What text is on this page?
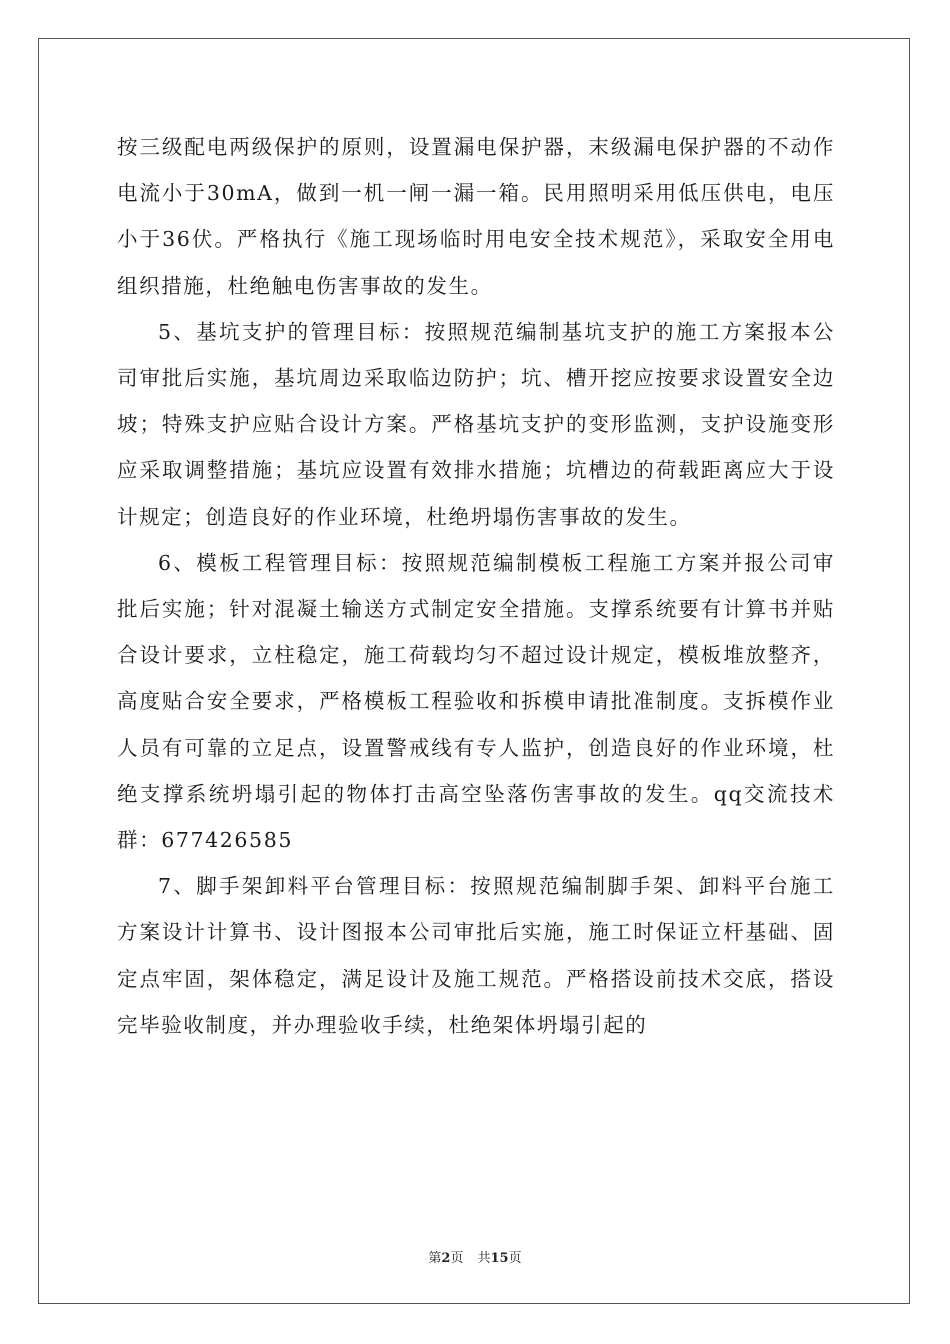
按三级配电两级保护的原则，设置漏电保护器，末级漏电保护器的不动作电流小于30mA，做到一机一闸一漏一箱。民用照明采用低压供电，电压小于36伏。严格执行《施工现场临时用电安全技术规范》，采取安全用电组织措施，杜绝触电伤害事故的发生。

5、基坑支护的管理目标：按照规范编制基坑支护的施工方案报本公司审批后实施，基坑周边采取临边防护；坑、槽开挖应按要求设置安全边坡；特殊支护应贴合设计方案。严格基坑支护的变形监测，支护设施变形应采取调整措施；基坑应设置有效排水措施；坑槽边的荷载距离应大于设计规定；创造良好的作业环境，杜绝坍塌伤害事故的发生。

6、模板工程管理目标：按照规范编制模板工程施工方案并报公司审批后实施；针对混凝土输送方式制定安全措施。支撑系统要有计算书并贴合设计要求，立柱稳定，施工荷载均匀不超过设计规定，模板堆放整齐，高度贴合安全要求，严格模板工程验收和拆模申请批准制度。支拆模作业人员有可靠的立足点，设置警戒线有专人监护，创造良好的作业环境，杜绝支撑系统坍塌引起的物体打击高空坠落伤害事故的发生。qq交流技术群：677426585

7、脚手架卸料平台管理目标：按照规范编制脚手架、卸料平台施工方案设计计算书、设计图报本公司审批后实施，施工时保证立杆基础、固定点牢固，架体稳定，满足设计及施工规范。严格搭设前技术交底，搭设完毕验收制度，并办理验收手续，杜绝架体坍塌引起的

第2页 共15页
